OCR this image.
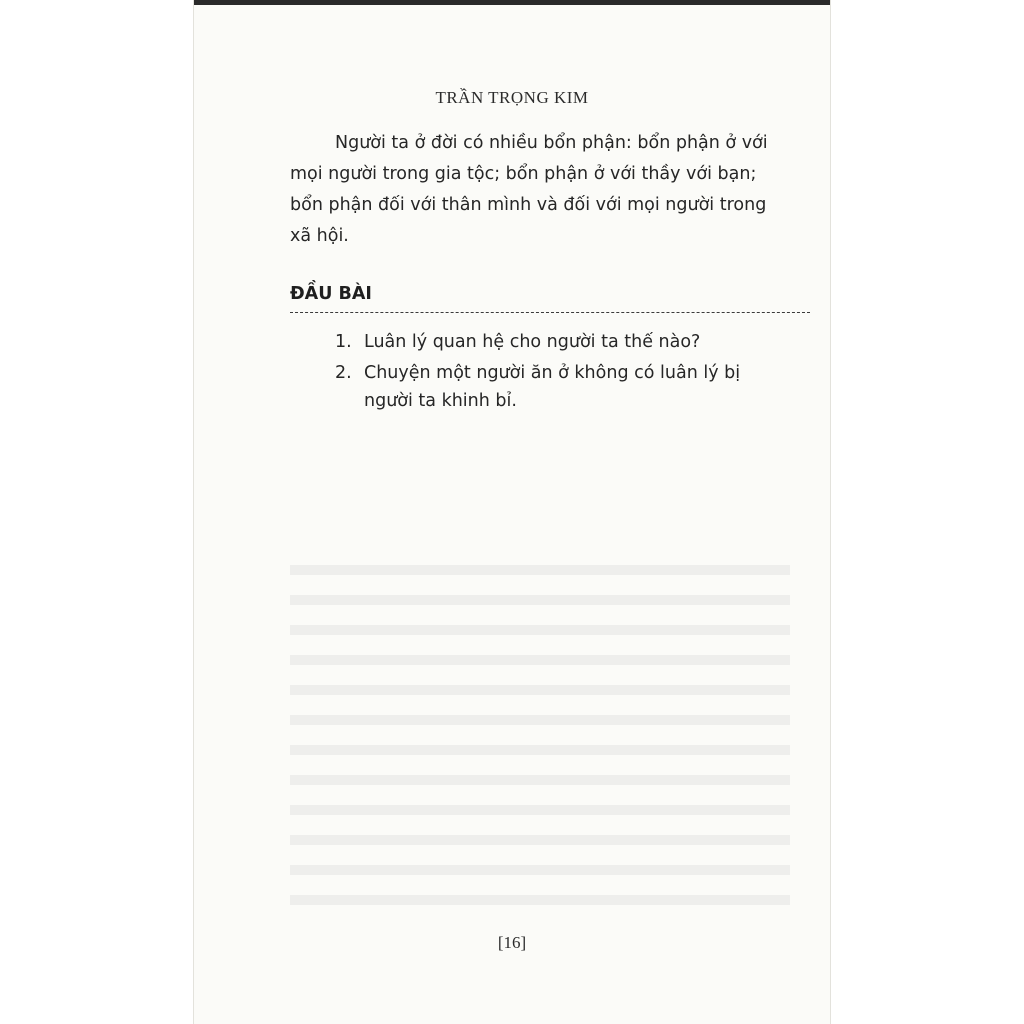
TRẦN TRỌNG KIM

Người ta ở đời có nhiều bổn phận: bổn phận ở với mọi người trong gia tộc; bổn phận ở với thầy với bạn; bổn phận đối với thân mình và đối với mọi người trong xã hội.

ĐẦU BÀI
1. Luân lý quan hệ cho người ta thế nào?
2. Chuyện một người ăn ở không có luân lý bị người ta khinh bỉ.
[16]
